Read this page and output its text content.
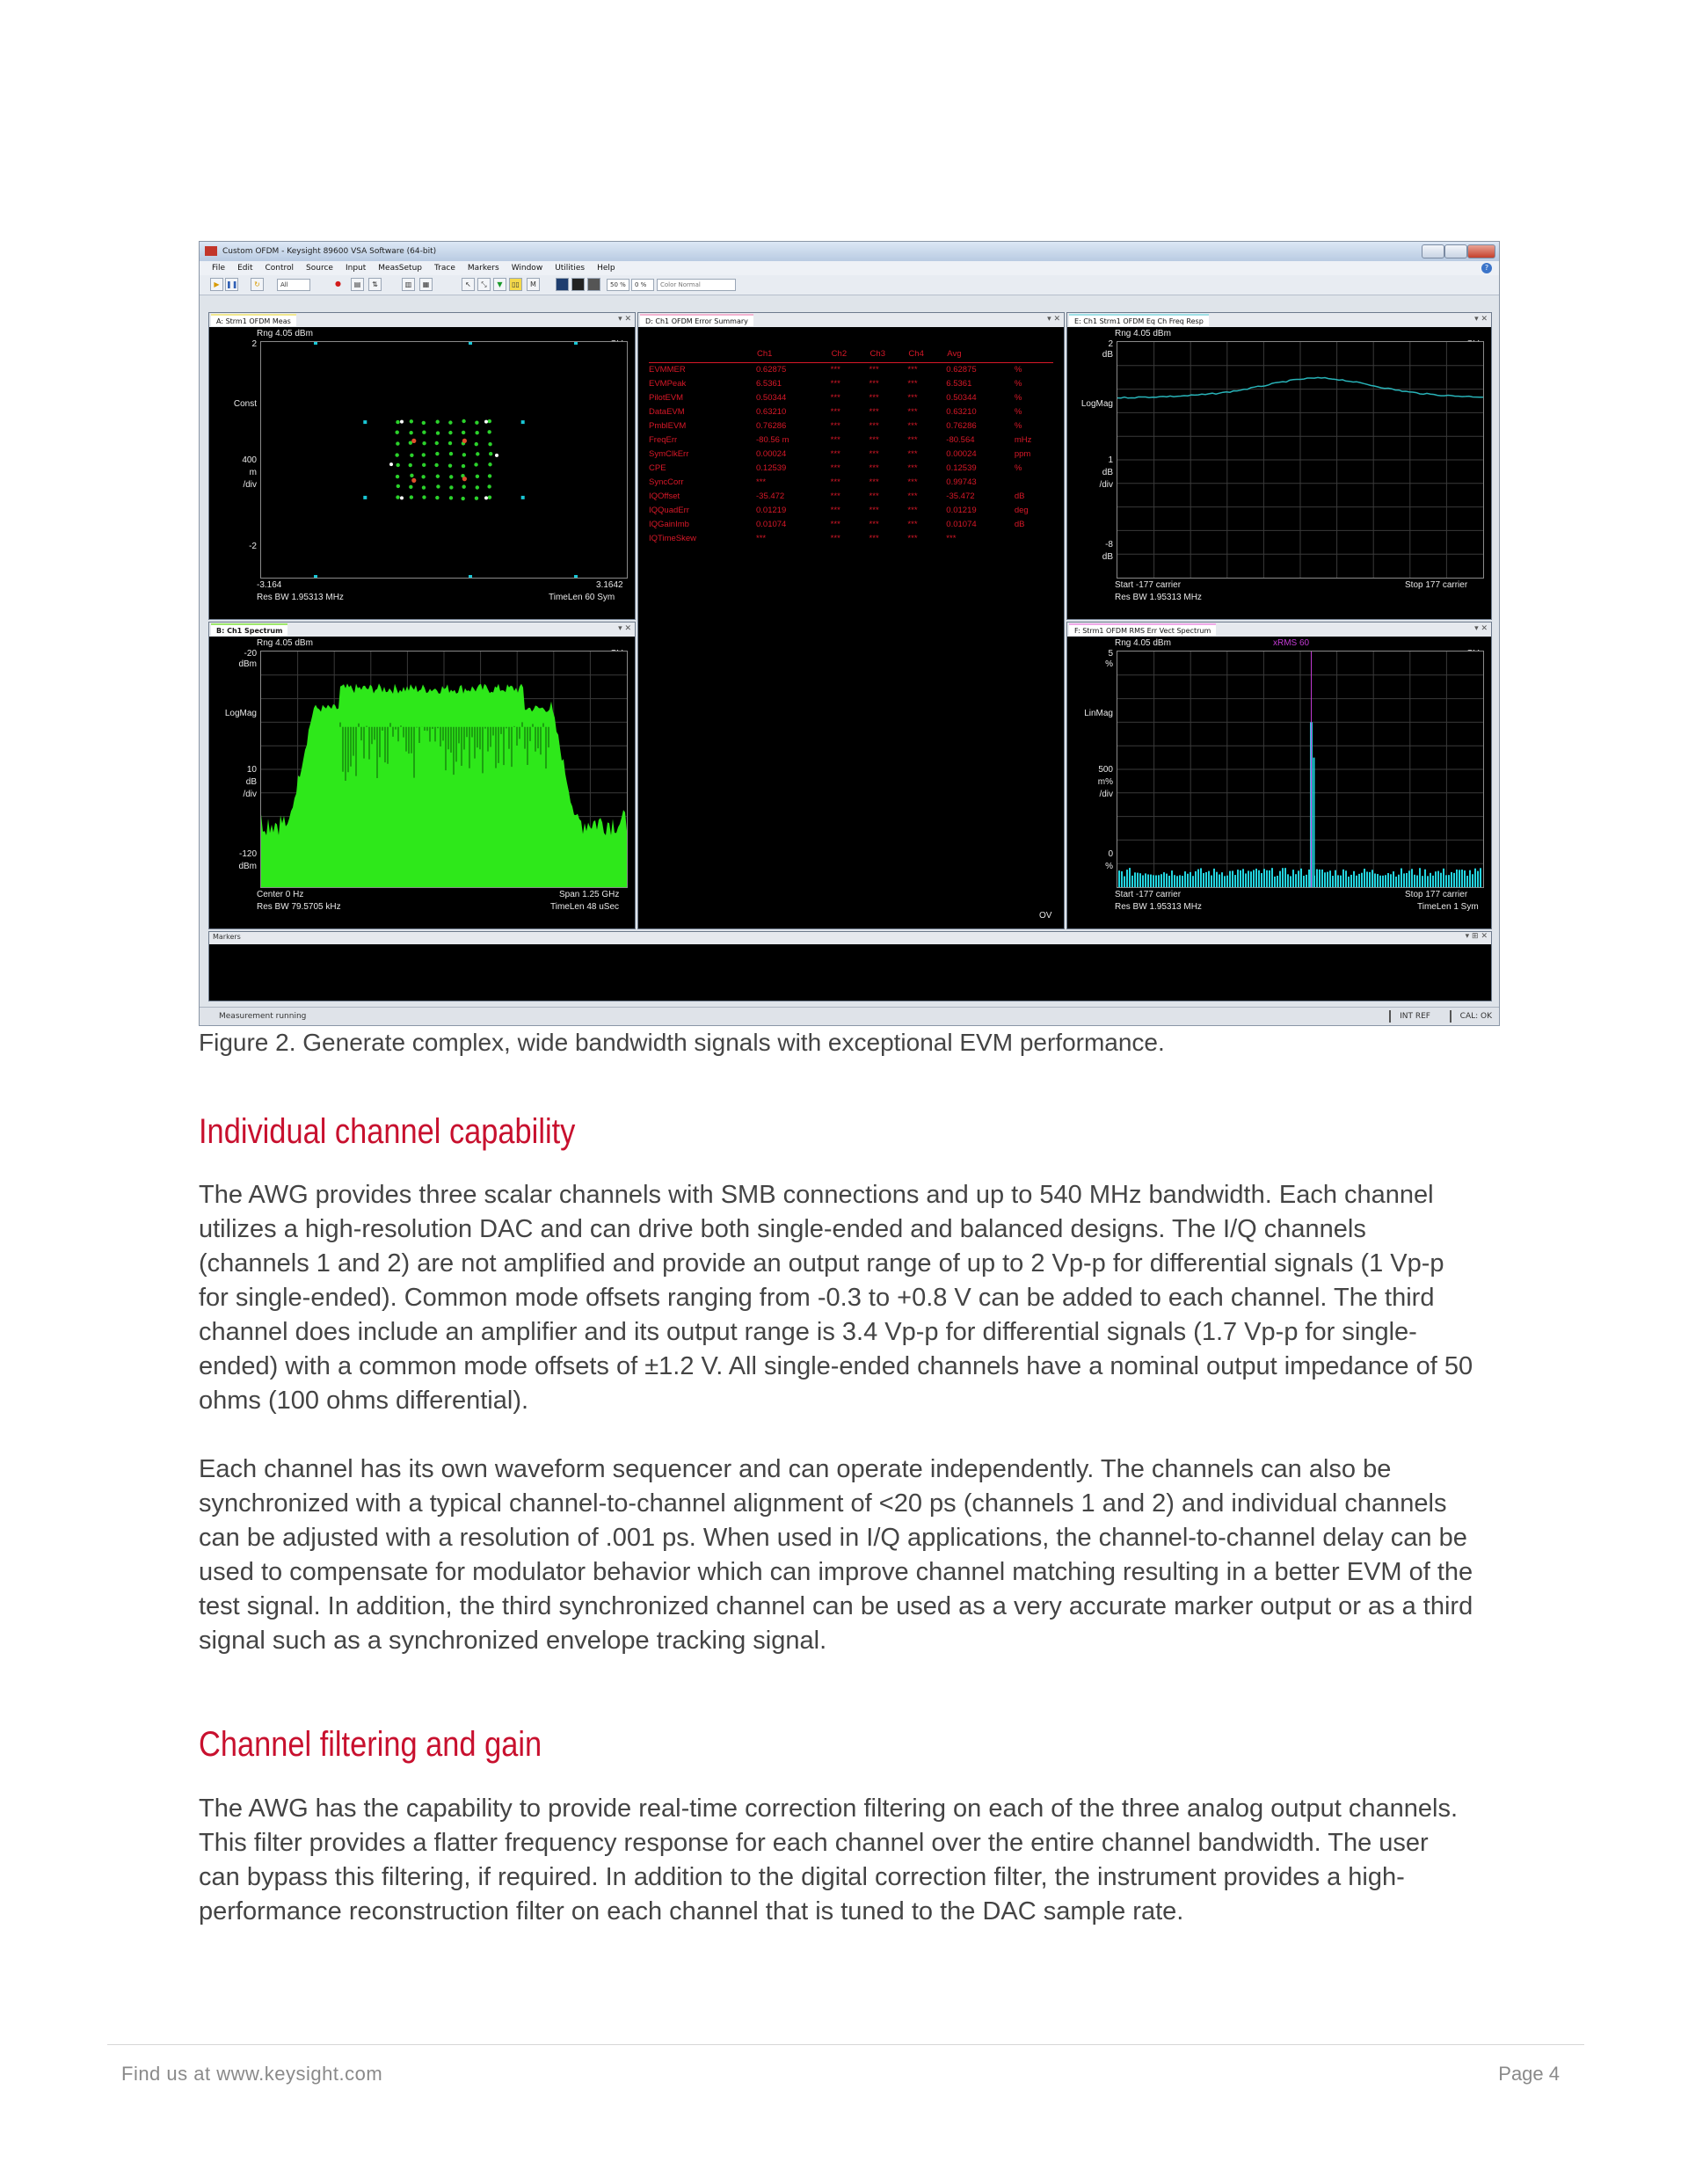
Custom OFDM - Keysight 89600 VSA Software (64-bit)
File Edit Control Source Input MeasSetup Trace Markers Window Utilities Help	?
▶ ❚❚	↻	All	●	▤	⇅	▥	▦	↖	⤡	▼	▯▯	M	50 %	0 %	Color Normal
A: Strm1 OFDM Meas	▾ ✕
Rng 4.05 dBm
2
Const
400
m
/div
-2
-3.164	3.1642
Res BW 1.95313 MHz	TimeLen 60 Sym
D: Ch1 OFDM Error Summary	▾ ✕
	Ch1	Ch2	Ch3	Ch4	Avg	
EVMMER	0.62875	***	***	***	0.62875	%
EVMPeak	6.5361	***	***	***	6.5361	%
PilotEVM	0.50344	***	***	***	0.50344	%
DataEVM	0.63210	***	***	***	0.63210	%
PmblEVM	0.76286	***	***	***	0.76286	%

FreqErr	-80.56 m	***	***	***	-80.564	mHz
SymClkErr	0.00024	***	***	***	0.00024	ppm
CPE	0.12539	***	***	***	0.12539	%
SyncCorr	***	***	***	***	0.99743	

IQOffset	-35.472	***	***	***	-35.472	dB
IQQuadErr	0.01219	***	***	***	0.01219	deg
IQGainImb	0.01074	***	***	***	0.01074	dB
IQTimeSkew	***	***	***	***	***	
OV
E: Ch1 Strm1 OFDM Eq Ch Freq Resp	▾ ✕
Rng 4.05 dBm
2
dB
LogMag
1
dB
/div
-8
dB
Start -177 carrier	Stop 177 carrier
Res BW 1.95313 MHz
B: Ch1 Spectrum	▾ ✕
Rng 4.05 dBm
-20
dBm
LogMag
10
dB
/div
-120
dBm
Center 0 Hz	Span 1.25 GHz
Res BW 79.5705 kHz	TimeLen 48 uSec
F: Strm1 OFDM RMS Err Vect Spectrum	▾ ✕
Rng 4.05 dBm	xRMS 60
5
%
LinMag
500
m%
/div
0
%
Start -177 carrier	Stop 177 carrier
Res BW 1.95313 MHz	TimeLen 1 Sym
Markers	▾ ⊞ ✕
Measurement running	INT REF	CAL: OK
Figure 2. Generate complex, wide bandwidth signals with exceptional EVM performance.
Individual channel capability

The AWG provides three scalar channels with SMB connections and up to 540 MHz bandwidth. Each channel utilizes a high-resolution DAC and can drive both single-ended and balanced designs. The I/Q channels (channels 1 and 2) are not amplified and provide an output range of up to 2 Vp-p for differential signals (1 Vp-p for single-ended). Common mode offsets ranging from -0.3 to +0.8 V can be added to each channel. The third channel does include an amplifier and its output range is 3.4 Vp-p for differential signals (1.7 Vp-p for single-ended) with a common mode offsets of ±1.2 V. All single-ended channels have a nominal output impedance of 50 ohms (100 ohms differential).

Each channel has its own waveform sequencer and can operate independently. The channels can also be synchronized with a typical channel-to-channel alignment of <20 ps (channels 1 and 2) and individual channels can be adjusted with a resolution of .001 ps. When used in I/Q applications, the channel-to-channel delay can be used to compensate for modulator behavior which can improve channel matching resulting in a better EVM of the test signal. In addition, the third synchronized channel can be used as a very accurate marker output or as a third signal such as a synchronized envelope tracking signal.

Channel filtering and gain

The AWG has the capability to provide real-time correction filtering on each of the three analog output channels. This filter provides a flatter frequency response for each channel over the entire channel bandwidth. The user can bypass this filtering, if required. In addition to the digital correction filter, the instrument provides a high-performance reconstruction filter on each channel that is tuned to the DAC sample rate.

Find us at www.keysight.com	Page 4
